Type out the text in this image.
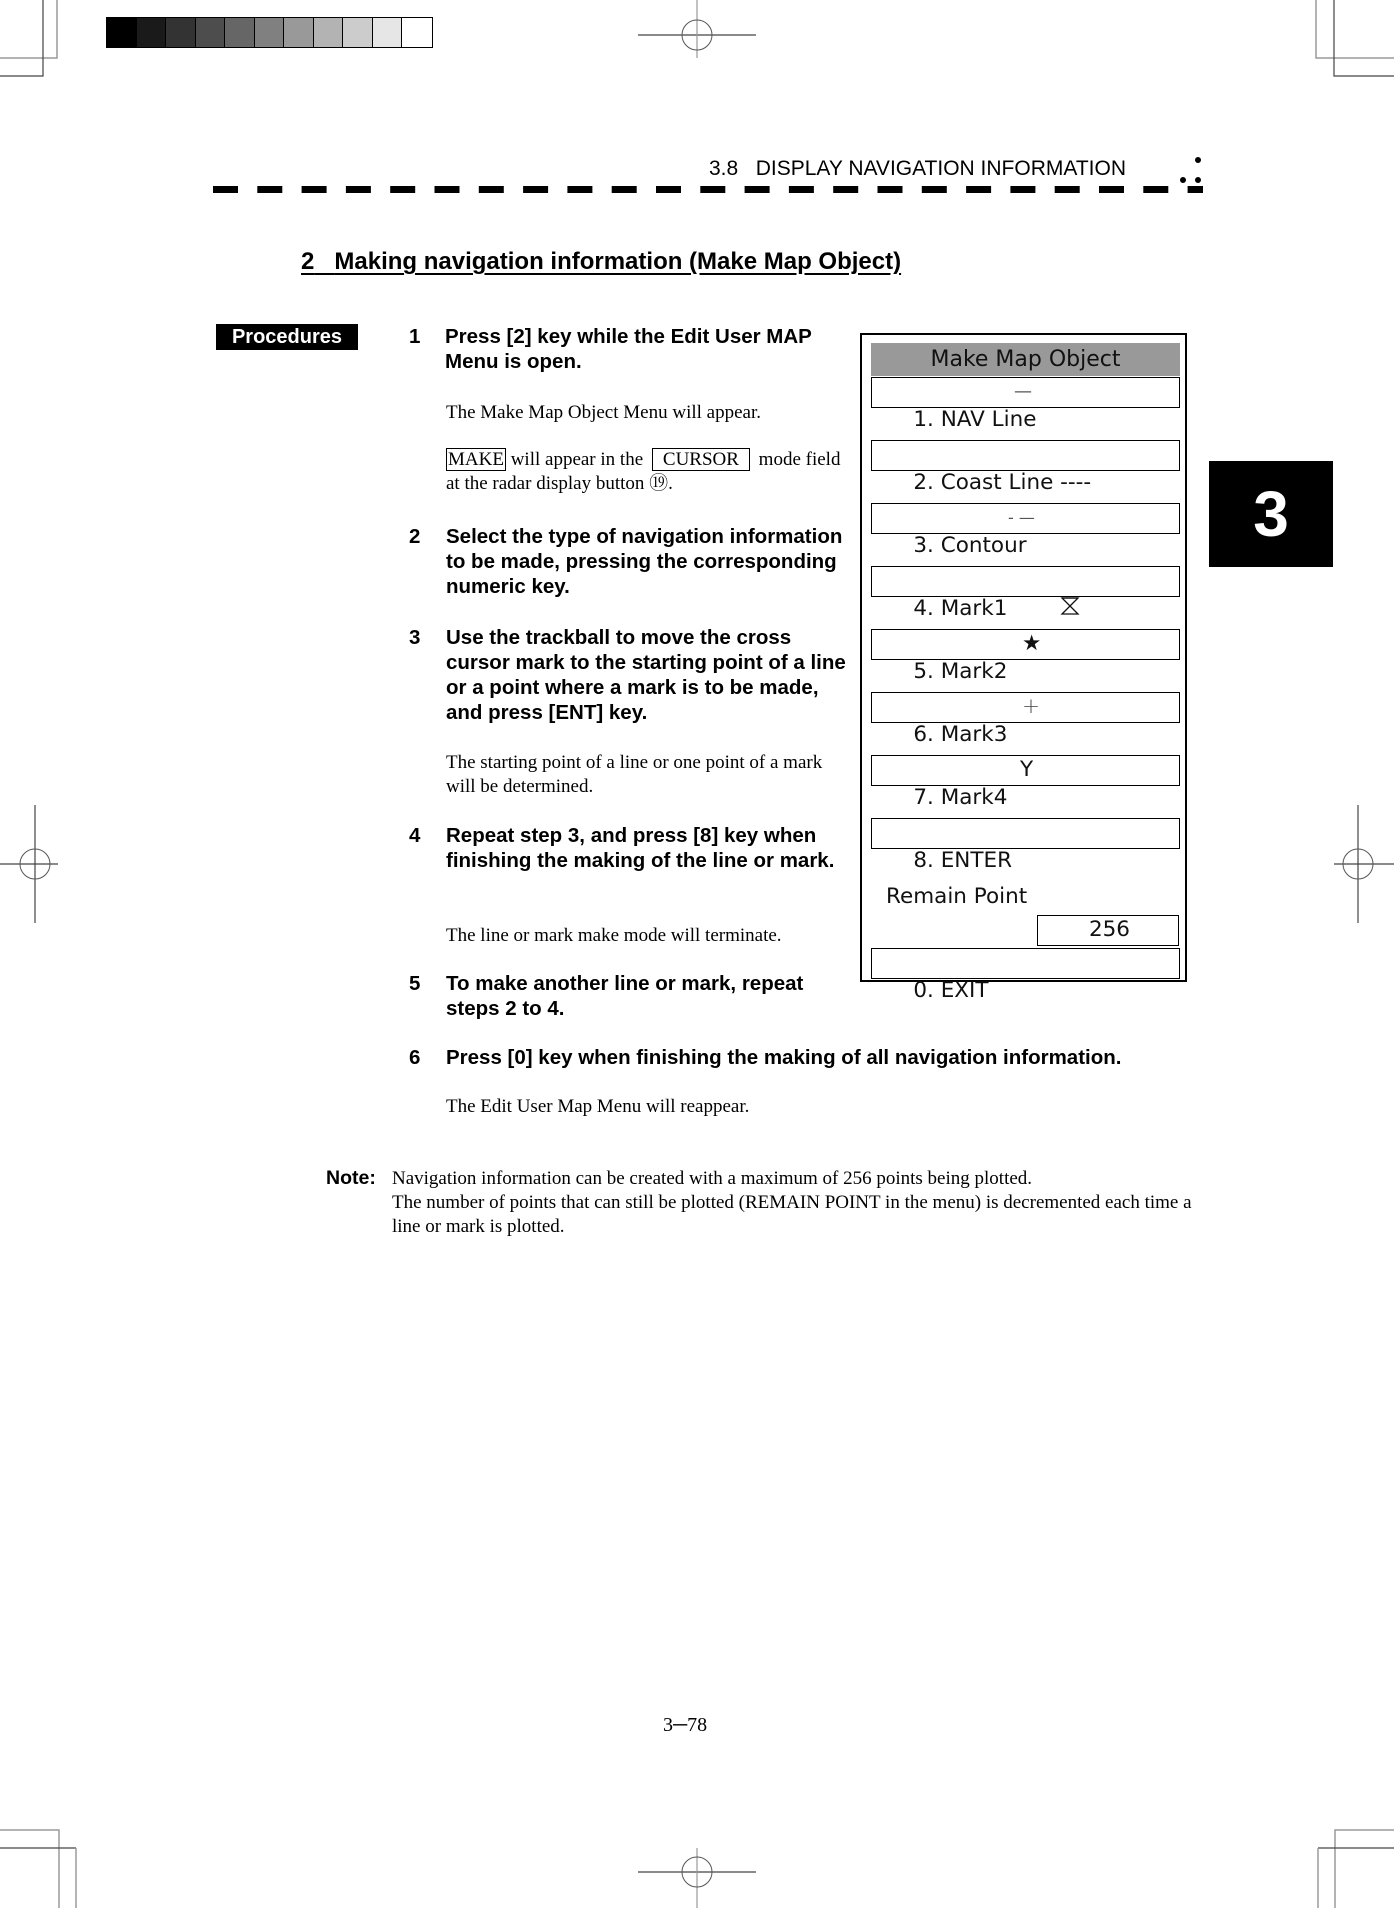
3.8 DISPLAY NAVIGATION INFORMATION
2 Making navigation information (Make Map Object)
Procedures	1	Press [2] key while the Edit User MAP Menu is open.
The Make Map Object Menu will appear.
MAKE will appear in the CURSOR mode field at the radar display button ⑲.
2	Select the type of navigation information to be made, pressing the corresponding numeric key.
3	Use the trackball to move the cross cursor mark to the starting point of a line or a point where a mark is to be made, and press [ENT] key.
The starting point of a line or one point of a mark will be determined.
4	Repeat step 3, and press [8] key when finishing the making of the line or mark.
The line or mark make mode will terminate.
5	To make another line or mark, repeat steps 2 to 4.
6	Press [0] key when finishing the making of all navigation information.
The Edit User Map Menu will reappear.
Make Map Object

1. NAV Line

—

2. Coast Line ----

3. Contour

- —

4. Mark1

5. Mark2

★

6. Mark3

+

7. Mark4

Y

8. ENTER

Remain Point
256

0. EXIT

3
Note: Navigation information can be created with a maximum of 256 points being plotted.
The number of points that can still be plotted (REMAIN POINT in the menu) is decremented each time a line or mark is plotted.
3─78
